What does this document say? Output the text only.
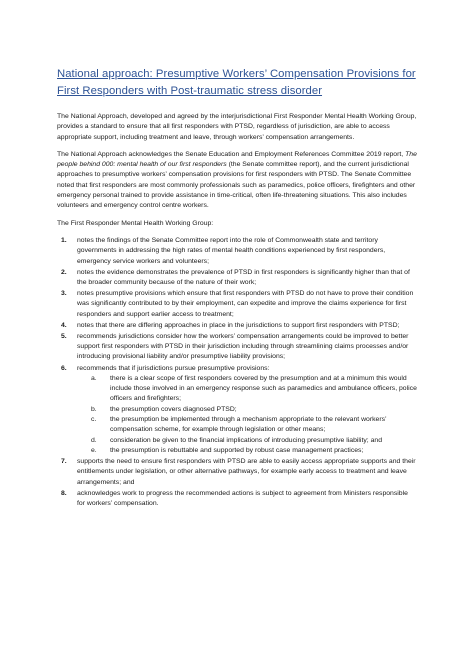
National approach: Presumptive Workers’ Compensation Provisions for First Responders with Post-traumatic stress disorder

The National Approach, developed and agreed by the interjurisdictional First Responder Mental Health Working Group, provides a standard to ensure that all first responders with PTSD, regardless of jurisdiction, are able to access appropriate support, including treatment and leave, through workers’ compensation arrangements.

The National Approach acknowledges the Senate Education and Employment References Committee 2019 report, The people behind 000: mental health of our first responders (the Senate committee report), and the current jurisdictional approaches to presumptive workers’ compensation provisions for first responders with PTSD. The Senate Committee noted that first responders are most commonly professionals such as paramedics, police officers, firefighters and other emergency personal trained to provide assistance in time-critical, often life-threatening situations. This also includes volunteers and emergency control centre workers.

The First Responder Mental Health Working Group:

1. notes the findings of the Senate Committee report into the role of Commonwealth state and territory governments in addressing the high rates of mental health conditions experienced by first responders, emergency service workers and volunteers;
2. notes the evidence demonstrates the prevalence of PTSD in first responders is significantly higher than that of the broader community because of the nature of their work;
3. notes presumptive provisions which ensure that first responders with PTSD do not have to prove their condition was significantly contributed to by their employment, can expedite and improve the claims experience for first responders and support earlier access to treatment;
4. notes that there are differing approaches in place in the jurisdictions to support first responders with PTSD;
5. recommends jurisdictions consider how the workers’ compensation arrangements could be improved to better support first responders with PTSD in their jurisdiction including through streamlining claims processes and/or introducing provisional liability and/or presumptive liability provisions;
6. recommends that if jurisdictions pursue presumptive provisions:
a. there is a clear scope of first responders covered by the presumption and at a minimum this would include those involved in an emergency response such as paramedics and ambulance officers, police officers and firefighters;
b. the presumption covers diagnosed PTSD;
c. the presumption be implemented through a mechanism appropriate to the relevant workers’ compensation scheme, for example through legislation or other means;
d. consideration be given to the financial implications of introducing presumptive liability; and
e. the presumption is rebuttable and supported by robust case management practices;
7. supports the need to ensure first responders with PTSD are able to easily access appropriate supports and their entitlements under legislation, or other alternative pathways, for example early access to treatment and leave arrangements; and
8. acknowledges work to progress the recommended actions is subject to agreement from Ministers responsible for workers’ compensation.
